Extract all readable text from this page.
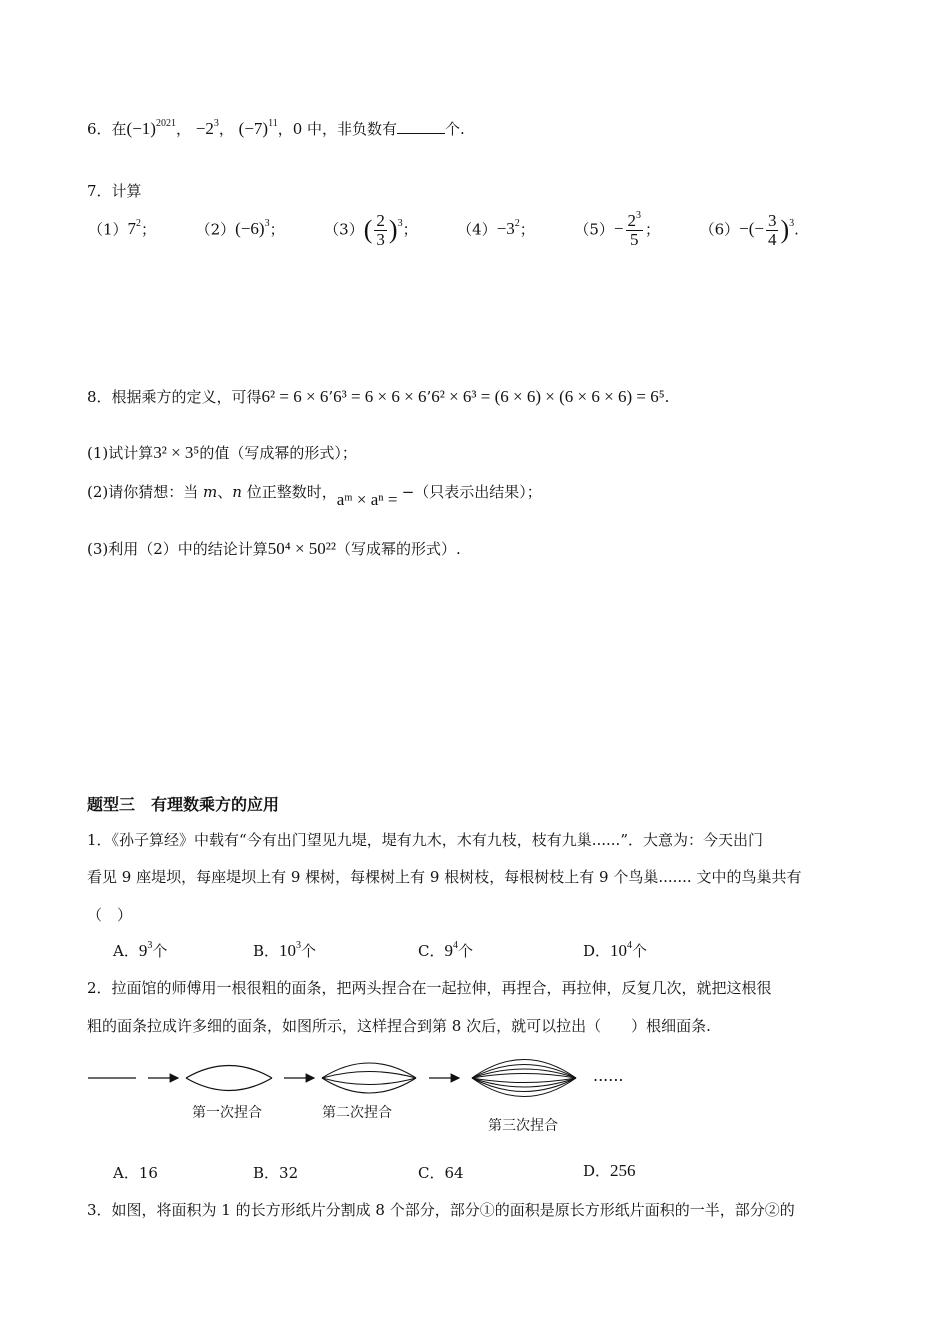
6．在$(-1)^{2021}$， $-2^3$， $(-7)^{11}$，0 中，非负数有	个.
7．计算
$(1)7^2$；	$(2)(-6)^3$；	$(3)( \frac{2}{3} )^3$；	$(4)-3^2$；	$(5)- \frac{2^3}{5}$ ；	$(6)-(- \frac{3}{4} )^3$.
8．根据乘方的定义，可得6² = 6 × 6’6³ = 6 × 6 × 6’6² × 6³ = (6 × 6) × (6 × 6 × 6) = 6⁵.
(1)试计算3² × 3⁵的值（写成幂的形式）；
(2)请你猜想：当 m、n 位正整数时，aᵐ × aⁿ = −（只表示出结果）；
(3)利用（2）中的结论计算50⁴ × 50²²（写成幂的形式）.
题型三　有理数乘方的应用
1．《孙子算经》中载有“今有出门望见九堤，堤有九木，木有九枝，枝有九巢......”．大意为：今天出门
看见 9 座堤坝，每座堤坝上有 9 棵树，每棵树上有 9 根树枝，每根树枝上有 9 个鸟巢....... 文中的鸟巢共有
（　）
A．$9^3$个	B．$10^3$个	C．$9^4$个	D．$10^4$个
2．拉面馆的师傅用一根很粗的面条，把两头捏合在一起拉伸，再捏合，再拉伸，反复几次，就把这根很
粗的面条拉成许多细的面条，如图所示，这样捏合到第 8 次后，就可以拉出（　　）根细面条.
......
第一次捏合	第二次捏合
第三次捏合
A．16	B．32	C．64	D．256
3．如图，将面积为 1 的长方形纸片分割成 8 个部分，部分①的面积是原长方形纸片面积的一半，部分②的
